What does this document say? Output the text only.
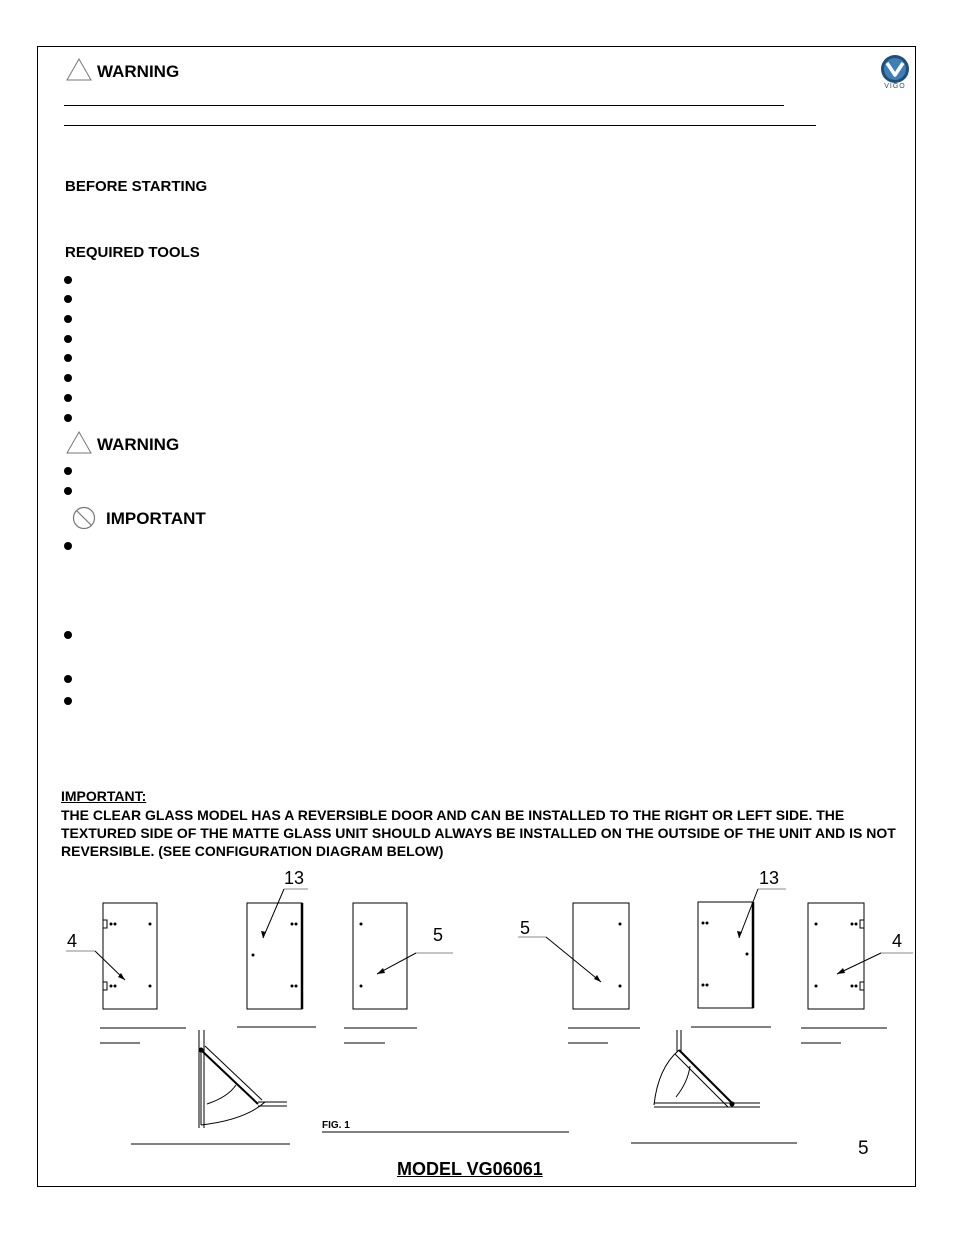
VIGO
WARNING
BEFORE STARTING
REQUIRED TOOLS
WARNING
IMPORTANT
IMPORTANT:
THE CLEAR GLASS MODEL HAS A REVERSIBLE DOOR AND CAN BE INSTALLED TO THE RIGHT OR LEFT SIDE. THE TEXTURED SIDE OF THE MATTE GLASS UNIT SHOULD ALWAYS BE INSTALLED ON THE OUTSIDE OF THE UNIT AND IS NOT REVERSIBLE. (SEE CONFIGURATION DIAGRAM BELOW)
13
4	5	5
13
4
FIG. 1
5
MODEL VG06061
